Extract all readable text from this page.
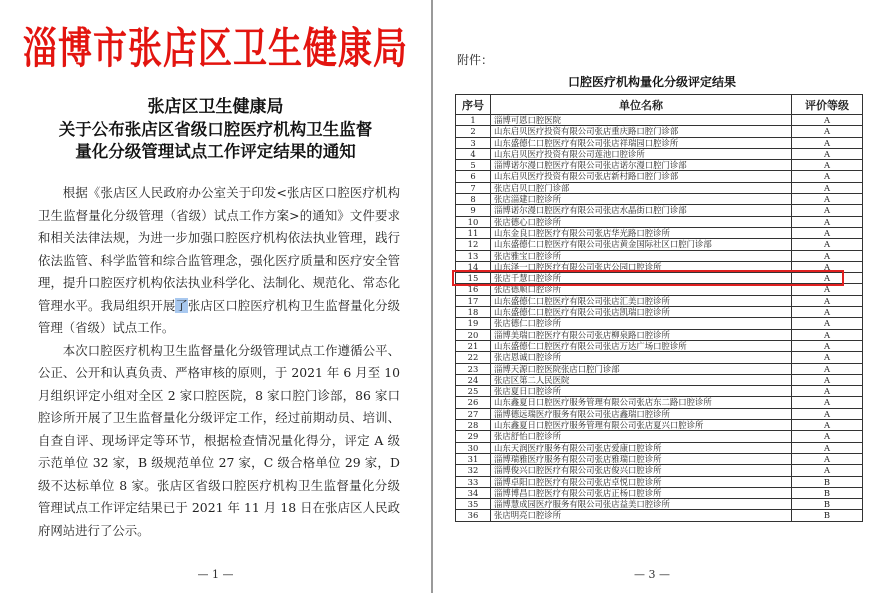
淄博市张店区卫生健康局
张店区卫生健康局
关于公布张店区省级口腔医疗机构卫生监督
量化分级管理试点工作评定结果的通知

根据《张店区人民政府办公室关于印发<张店区口腔医疗机构卫生监督量化分级管理（省级）试点工作方案>的通知》文件要求和相关法律法规，为进一步加强口腔医疗机构依法执业管理，践行依法监管、科学监管和综合监管理念，强化医疗质量和医疗安全管理，提升口腔医疗机构依法执业科学化、法制化、规范化、常态化管理水平。我局组织开展了张店区口腔医疗机构卫生监督量化分级管理（省级）试点工作。

本次口腔医疗机构卫生监督量化分级管理试点工作遵循公平、公正、公开和认真负责、严格审核的原则，于 2021 年 6 月至 10 月组织评定小组对全区 2 家口腔医院，8 家口腔门诊部，86 家口腔诊所开展了卫生监督量化分级评定工作，经过前期动员、培训、自查自评、现场评定等环节，根据检查情况量化得分，评定 A 级示范单位 32 家，B 级规范单位 27 家，C 级合格单位 29 家，D 级不达标单位 8 家。张店区省级口腔医疗机构卫生监督量化分级管理试点工作评定结果已于 2021 年 11 月 18 日在张店区人民政府网站进行了公示。

— 1 —
附件：
口腔医疗机构量化分级评定结果
序号	单位名称	评价等级
1	淄博可恩口腔医院	A
2	山东启贝医疗投资有限公司张店重庆路口腔门诊部	A
3	山东盛德仁口腔医疗有限公司张店祥瑞园口腔诊所	A
4	山东启贝医疗投资有限公司莲池口腔诊所	A
5	淄博诺尔漫口腔医疗有限公司张店诺尔漫口腔门诊部	A
6	山东启贝医疗投资有限公司张店新村路口腔门诊部	A
7	张店启贝口腔门诊部	A
8	张店淄建口腔诊所	A
9	淄博诺尔漫口腔医疗有限公司张店水晶街口腔门诊部	A
10	张店德心口腔诊所	A
11	山东金良口腔医疗有限公司张店华光路口腔诊所	A
12	山东盛德仁口腔医疗有限公司张店黄金国际社区口腔门诊部	A
13	张店雅宝口腔诊所	A
14	山东泽一口腔医疗有限公司张店公园口腔诊所	A
15	张店千慧口腔诊所	A
16	张店德顺口腔诊所	A
17	山东盛德仁口腔医疗有限公司张店汇美口腔诊所	A
18	山东盛德仁口腔医疗有限公司张店凯瑞口腔诊所	A
19	张店德仁口腔诊所	A
20	淄博美瑞口腔医疗有限公司张店柳泉路口腔诊所	A
21	山东盛德仁口腔医疗有限公司张店万达广场口腔诊所	A
22	张店恩诚口腔诊所	A
23	淄博天源口腔医院张店口腔门诊部	A
24	张店区第二人民医院	A
25	张店夏日口腔诊所	A
26	山东鑫夏日口腔医疗服务管理有限公司张店东二路口腔诊所	A
27	淄博德远瑞医疗服务有限公司张店鑫瑞口腔诊所	A
28	山东鑫夏日口腔医疗服务管理有限公司张店夏兴口腔诊所	A
29	张店舒怡口腔诊所	A
30	山东天润医疗服务有限公司张店爱康口腔诊所	A
31	淄博瑞雅医疗服务有限公司张店雅瑞口腔诊所	A
32	淄博俊兴口腔医疗有限公司张店俊兴口腔诊所	A
33	淄博卓阳口腔医疗有限公司张店卓悦口腔诊所	B
34	淄博博昌口腔医疗有限公司张店正杨口腔诊所	B
35	淄博慧成园医疗服务有限公司张店益美口腔诊所	B
36	张店明亮口腔诊所	B
— 3 —
